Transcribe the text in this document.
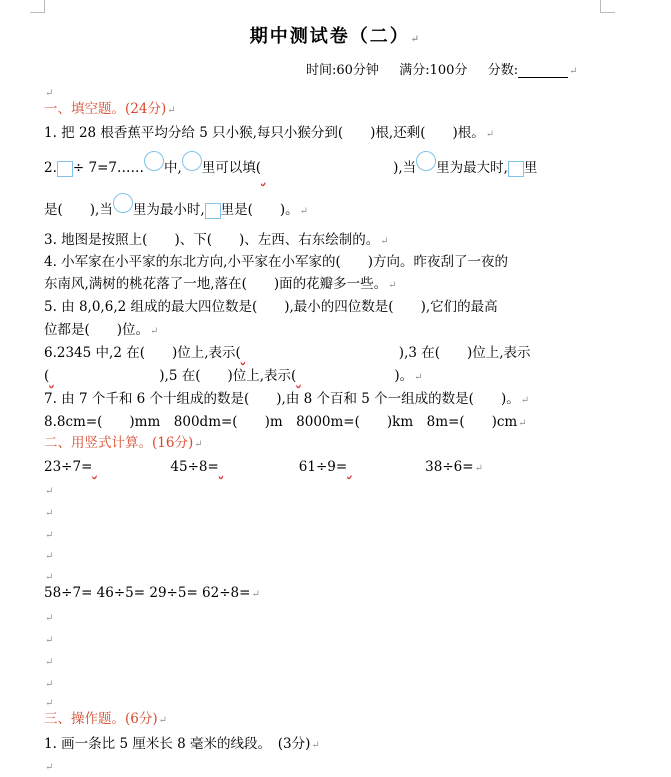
期中测试卷（二）↵
时间:60分钟 满分:100分 分数:	↵
↵
一、填空题。(24分)↵
1. 把 28 根香蕉平均分给 5 只小猴,每只小猴分到(　　)根,还剩(　　)根。↵
2. ÷ 7=7…… 中, 里可以填(	),当 里为最大时, 里
是(　　),当 里为最小时, 里是(　　)。↵
3. 地图是按照上(　　)、下(　　)、左西、右东绘制的。↵
4. 小军家在小平家的东北方向,小平家在小军家的(　　)方向。昨夜刮了一夜的
东南风,满树的桃花落了一地,落在(　　)面的花瓣多一些。↵
5. 由 8,0,6,2 组成的最大四位数是(　　),最小的四位数是(　　),它们的最高
位都是(　　)位。↵
6.2345 中,2 在(　　)位上,表示(	),3 在(　　)位上,表示
(	),5 在(　　)位上,表示(	)。↵
7. 由 7 个千和 6 个十组成的数是(　　),由 8 个百和 5 个一组成的数是(　　)。↵
8.8cm=(　　)mm　800dm=(　　)m　8000m=(　　)km　8m=(　　)cm↵
二、用竖式计算。(16分)↵
23÷7=	45÷8=	61÷9=	38÷6=↵
↵
↵
↵
↵
↵
58÷7= 46÷5= 29÷5= 62÷8=↵
↵
↵
↵
↵
↵
三、操作题。(6分)↵
1. 画一条比 5 厘米长 8 毫米的线段。　(3分)↵
↵
